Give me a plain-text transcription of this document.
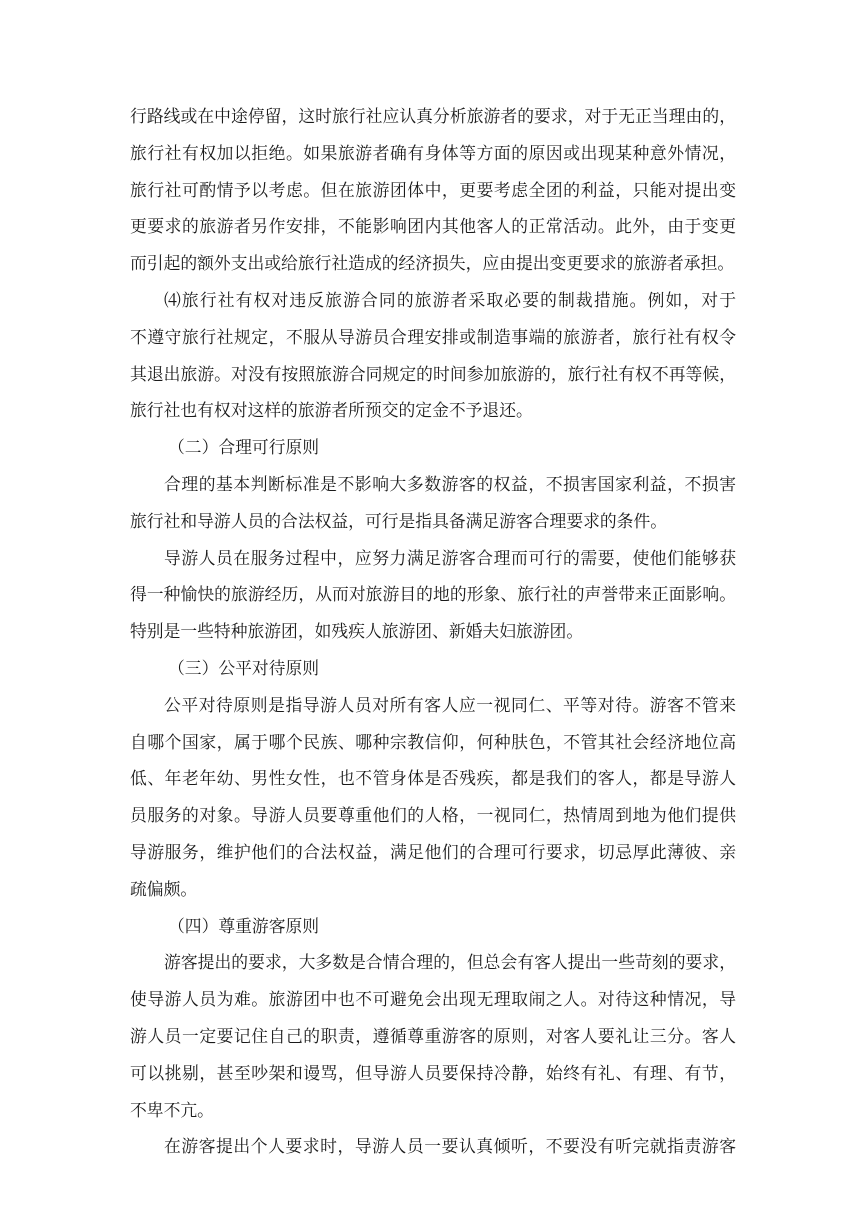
行路线或在中途停留，这时旅行社应认真分析旅游者的要求，对于无正当理由的，
旅行社有权加以拒绝。如果旅游者确有身体等方面的原因或出现某种意外情况，
旅行社可酌情予以考虑。但在旅游团体中，更要考虑全团的利益，只能对提出变
更要求的旅游者另作安排，不能影响团内其他客人的正常活动。此外，由于变更
而引起的额外支出或给旅行社造成的经济损失，应由提出变更要求的旅游者承担。
⑷旅行社有权对违反旅游合同的旅游者采取必要的制裁措施。例如，对于
不遵守旅行社规定，不服从导游员合理安排或制造事端的旅游者，旅行社有权令
其退出旅游。对没有按照旅游合同规定的时间参加旅游的，旅行社有权不再等候，
旅行社也有权对这样的旅游者所预交的定金不予退还。
（二）合理可行原则
合理的基本判断标准是不影响大多数游客的权益，不损害国家利益，不损害
旅行社和导游人员的合法权益，可行是指具备满足游客合理要求的条件。
导游人员在服务过程中，应努力满足游客合理而可行的需要，使他们能够获
得一种愉快的旅游经历，从而对旅游目的地的形象、旅行社的声誉带来正面影响。
特别是一些特种旅游团，如残疾人旅游团、新婚夫妇旅游团。
（三）公平对待原则
公平对待原则是指导游人员对所有客人应一视同仁、平等对待。游客不管来
自哪个国家，属于哪个民族、哪种宗教信仰，何种肤色，不管其社会经济地位高
低、年老年幼、男性女性，也不管身体是否残疾，都是我们的客人，都是导游人
员服务的对象。导游人员要尊重他们的人格，一视同仁，热情周到地为他们提供
导游服务，维护他们的合法权益，满足他们的合理可行要求，切忌厚此薄彼、亲
疏偏颇。
（四）尊重游客原则
游客提出的要求，大多数是合情合理的，但总会有客人提出一些苛刻的要求，
使导游人员为难。旅游团中也不可避免会出现无理取闹之人。对待这种情况，导
游人员一定要记住自己的职责，遵循尊重游客的原则，对客人要礼让三分。客人
可以挑剔，甚至吵架和谩骂，但导游人员要保持冷静，始终有礼、有理、有节，
不卑不亢。
在游客提出个人要求时，导游人员一要认真倾听，不要没有听完就指责游客
